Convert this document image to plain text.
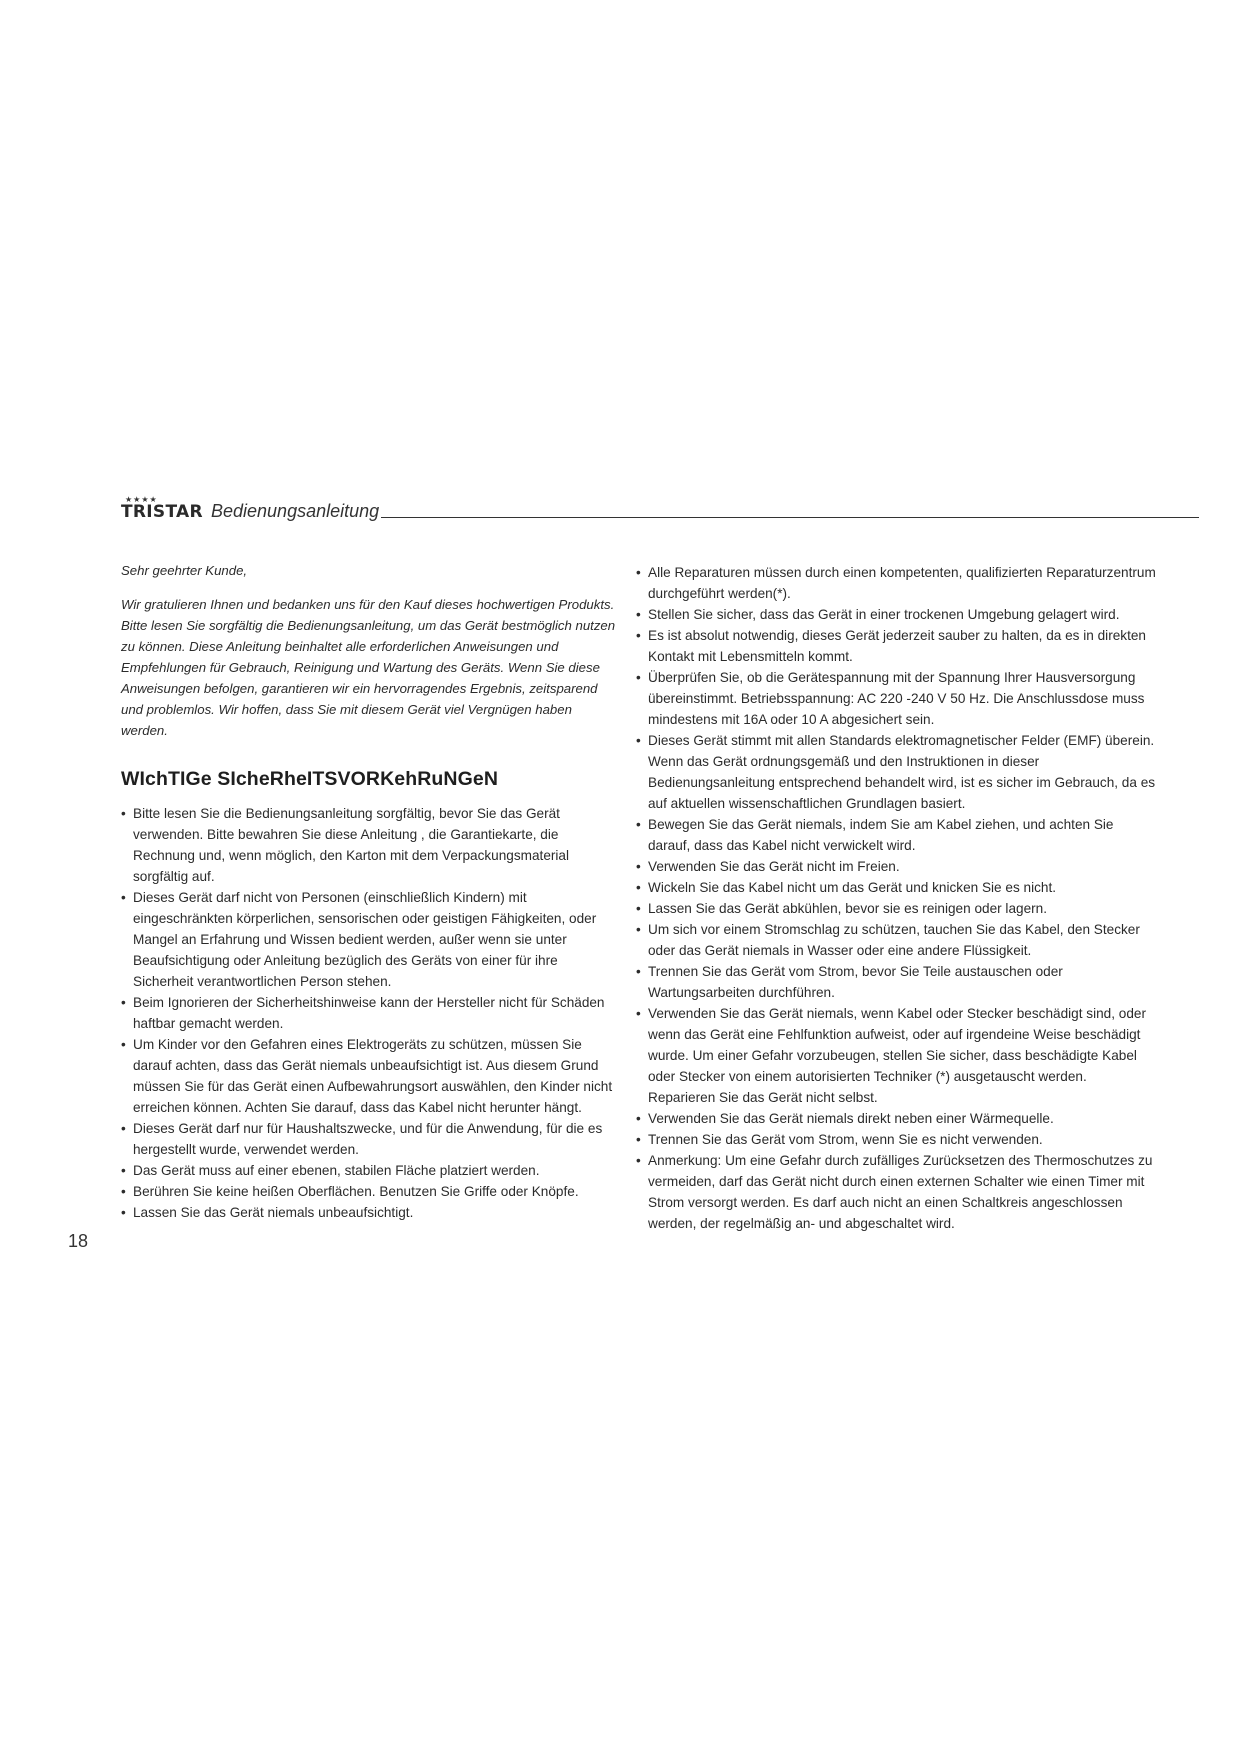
★★★★
TRISTAR Bedienungsanleitung

Sehr geehrter Kunde,

Wir gratulieren Ihnen und bedanken uns für den Kauf dieses hochwertigen Produkts. Bitte lesen Sie sorgfältig die Bedienungsanleitung, um das Gerät bestmöglich nutzen zu können. Diese Anleitung beinhaltet alle erforderlichen Anweisungen und Empfehlungen für Gebrauch, Reinigung und Wartung des Geräts. Wenn Sie diese Anweisungen befolgen, garantieren wir ein hervorragendes Ergebnis, zeitsparend und problemlos. Wir hoffen, dass Sie mit diesem Gerät viel Vergnügen haben werden.

WIchTIGe SIcheRheITSVORKehRuNGeN
• Bitte lesen Sie die Bedienungsanleitung sorgfältig, bevor Sie das Gerät verwenden. Bitte bewahren Sie diese Anleitung , die Garantiekarte, die Rechnung und, wenn möglich, den Karton mit dem Verpackungsmaterial sorgfältig auf.
• Dieses Gerät darf nicht von Personen (einschließlich Kindern) mit eingeschränkten körperlichen, sensorischen oder geistigen Fähigkeiten, oder Mangel an Erfahrung und Wissen bedient werden, außer wenn sie unter Beaufsichtigung oder Anleitung bezüglich des Geräts von einer für ihre Sicherheit verantwortlichen Person stehen.
• Beim Ignorieren der Sicherheitshinweise kann der Hersteller nicht für Schäden haftbar gemacht werden.
• Um Kinder vor den Gefahren eines Elektrogeräts zu schützen, müssen Sie darauf achten, dass das Gerät niemals unbeaufsichtigt ist. Aus diesem Grund müssen Sie für das Gerät einen Aufbewahrungsort auswählen, den Kinder nicht erreichen können. Achten Sie darauf, dass das Kabel nicht herunter hängt.
• Dieses Gerät darf nur für Haushaltszwecke, und für die Anwendung, für die es hergestellt wurde, verwendet werden.
• Das Gerät muss auf einer ebenen, stabilen Fläche platziert werden.
• Berühren Sie keine heißen Oberflächen. Benutzen Sie Griffe oder Knöpfe.
• Lassen Sie das Gerät niemals unbeaufsichtigt.
• Alle Reparaturen müssen durch einen kompetenten, qualifizierten Reparaturzentrum durchgeführt werden(*).
• Stellen Sie sicher, dass das Gerät in einer trockenen Umgebung gelagert wird.
• Es ist absolut notwendig, dieses Gerät jederzeit sauber zu halten, da es in direkten Kontakt mit Lebensmitteln kommt.
• Überprüfen Sie, ob die Gerätespannung mit der Spannung Ihrer Hausversorgung übereinstimmt. Betriebsspannung: AC 220 -240 V 50 Hz. Die Anschlussdose muss mindestens mit 16A oder 10 A abgesichert sein.
• Dieses Gerät stimmt mit allen Standards elektromagnetischer Felder (EMF) überein. Wenn das Gerät ordnungsgemäß und den Instruktionen in dieser Bedienungsanleitung entsprechend behandelt wird, ist es sicher im Gebrauch, da es auf aktuellen wissenschaftlichen Grundlagen basiert.
• Bewegen Sie das Gerät niemals, indem Sie am Kabel ziehen, und achten Sie darauf, dass das Kabel nicht verwickelt wird.
• Verwenden Sie das Gerät nicht im Freien.
• Wickeln Sie das Kabel nicht um das Gerät und knicken Sie es nicht.
• Lassen Sie das Gerät abkühlen, bevor sie es reinigen oder lagern.
• Um sich vor einem Stromschlag zu schützen, tauchen Sie das Kabel, den Stecker oder das Gerät niemals in Wasser oder eine andere Flüssigkeit.
• Trennen Sie das Gerät vom Strom, bevor Sie Teile austauschen oder Wartungsarbeiten durchführen.
• Verwenden Sie das Gerät niemals, wenn Kabel oder Stecker beschädigt sind, oder wenn das Gerät eine Fehlfunktion aufweist, oder auf irgendeine Weise beschädigt wurde. Um einer Gefahr vorzubeugen, stellen Sie sicher, dass beschädigte Kabel oder Stecker von einem autorisierten Techniker (*) ausgetauscht werden. Reparieren Sie das Gerät nicht selbst.
• Verwenden Sie das Gerät niemals direkt neben einer Wärmequelle.
• Trennen Sie das Gerät vom Strom, wenn Sie es nicht verwenden.
• Anmerkung: Um eine Gefahr durch zufälliges Zurücksetzen des Thermoschutzes zu vermeiden, darf das Gerät nicht durch einen externen Schalter wie einen Timer mit Strom versorgt werden. Es darf auch nicht an einen Schaltkreis angeschlossen werden, der regelmäßig an- und abgeschaltet wird.
18
